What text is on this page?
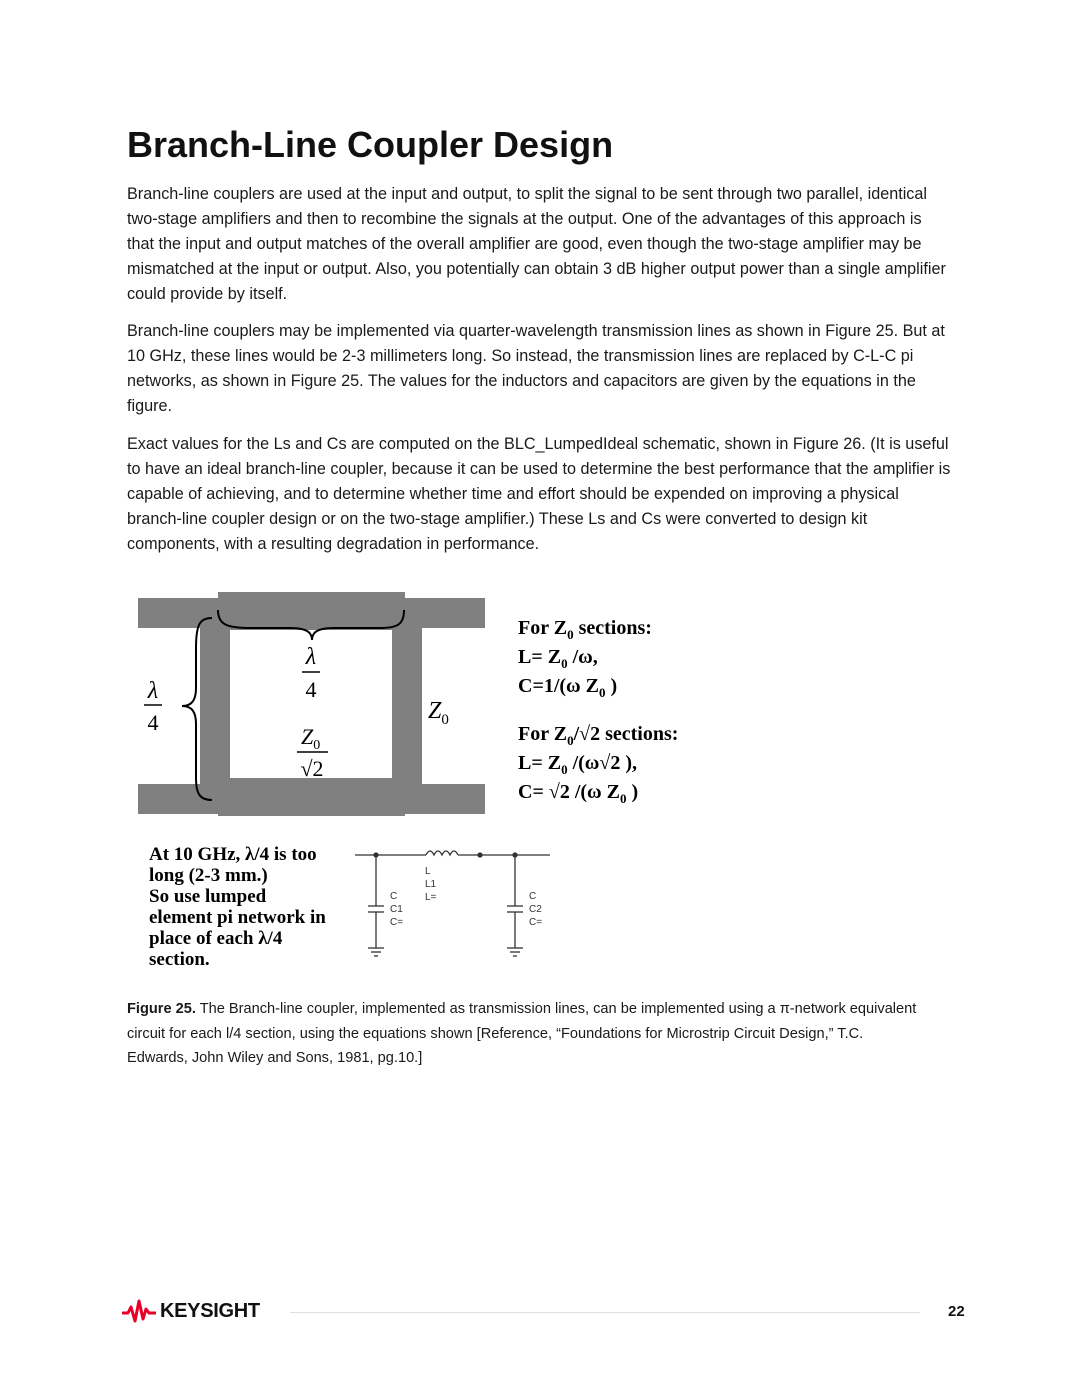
Branch-Line Coupler Design

Branch-line couplers are used at the input and output, to split the signal to be sent through two parallel, identical two-stage amplifiers and then to recombine the signals at the output. One of the advantages of this approach is that the input and output matches of the overall amplifier are good, even though the two-stage amplifier may be mismatched at the input or output. Also, you potentially can obtain 3 dB higher output power than a single amplifier could provide by itself.

Branch-line couplers may be implemented via quarter-wavelength transmission lines as shown in Figure 25. But at 10 GHz, these lines would be 2-3 millimeters long. So instead, the transmission lines are replaced by C-L-C pi networks, as shown in Figure 25. The values for the inductors and capacitors are given by the equations in the figure.

Exact values for the Ls and Cs are computed on the BLC_LumpedIdeal schematic, shown in Figure 26. (It is useful to have an ideal branch-line coupler, because it can be used to determine the best performance that the amplifier is capable of achieving, and to determine whether time and effort should be expended on improving a physical branch-line coupler design or on the two-stage amplifier.) These Ls and Cs were converted to design kit components, with a resulting degradation in performance.

λ
4
λ
4
$Z_0$
√2
$Z_0$
For $Z_0$ sections:
$L= Z_0$ /ω,
C=1/(ω $Z_0$ )
For $Z_0/√2$ sections:
$L= Z_0$ /(ω√2 ),
C= √2 /(ω $Z_0$ )
At 10 GHz, λ/4 is too
long (2-3 mm.)
So use lumped
element pi network in
place of each λ/4
section.
L
L1
L=
C
C1
C=
C
C2
C=

Figure 25. The Branch-line coupler, implemented as transmission lines, can be implemented using a π-network equivalent circuit for each l/4 section, using the equations shown [Reference, “Foundations for Microstrip Circuit Design,” T.C. Edwards, John Wiley and Sons, 1981, pg.10.]

KEYSIGHT	22
